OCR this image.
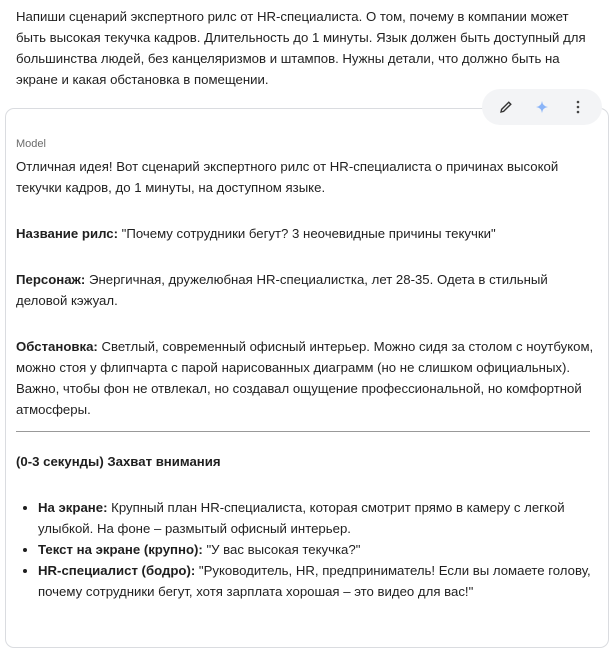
Напиши сценарий экспертного рилс от HR-специалиста. О том, почему в компании может быть высокая текучка кадров. Длительность до 1 минуты. Язык должен быть доступный для большинства людей, без канцеляризмов и штампов. Нужны детали, что должно быть на экране и какая обстановка в помещении.
Model

Отличная идея! Вот сценарий экспертного рилс от HR-специалиста о причинах высокой текучки кадров, до 1 минуты, на доступном языке.

Название рилс: "Почему сотрудники бегут? 3 неочевидные причины текучки"

Персонаж: Энергичная, дружелюбная HR-специалистка, лет 28-35. Одета в стильный деловой кэжуал.

Обстановка: Светлый, современный офисный интерьер. Можно сидя за столом с ноутбуком, можно стоя у флипчарта с парой нарисованных диаграмм (но не слишком официальных). Важно, чтобы фон не отвлекал, но создавал ощущение профессиональной, но комфортной атмосферы.

(0-3 секунды) Захват внимания
• На экране: Крупный план HR-специалиста, которая смотрит прямо в камеру с легкой улыбкой. На фоне – размытый офисный интерьер.
• Текст на экране (крупно): "У вас высокая текучка?"
• HR-специалист (бодро): "Руководитель, HR, предприниматель! Если вы ломаете голову, почему сотрудники бегут, хотя зарплата хорошая – это видео для вас!"
